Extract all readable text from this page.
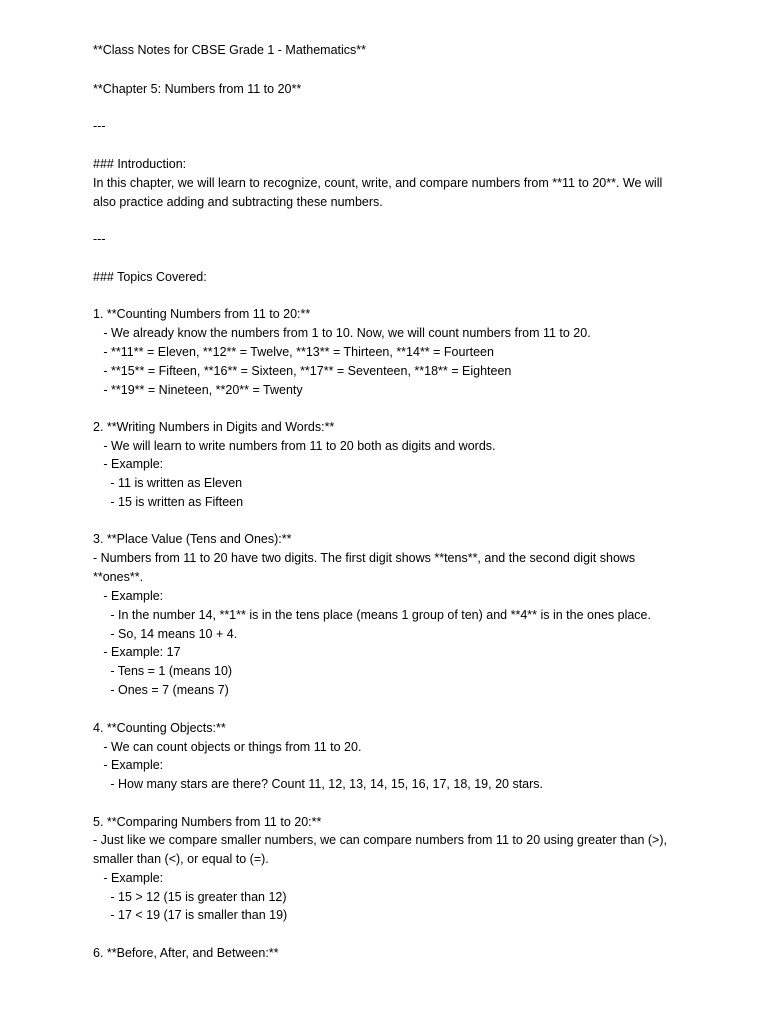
**Class Notes for CBSE Grade 1 - Mathematics**

**Chapter 5: Numbers from 11 to 20**

---

### Introduction:

In this chapter, we will learn to recognize, count, write, and compare numbers from **11 to 20**. We will

also practice adding and subtracting these numbers.

---

### Topics Covered:

1. **Counting Numbers from 11 to 20:**

- We already know the numbers from 1 to 10. Now, we will count numbers from 11 to 20.

- **11** = Eleven, **12** = Twelve, **13** = Thirteen, **14** = Fourteen

- **15** = Fifteen, **16** = Sixteen, **17** = Seventeen, **18** = Eighteen

- **19** = Nineteen, **20** = Twenty

2. **Writing Numbers in Digits and Words:**

- We will learn to write numbers from 11 to 20 both as digits and words.

- Example:

- 11 is written as Eleven

- 15 is written as Fifteen

3. **Place Value (Tens and Ones):**

- Numbers from 11 to 20 have two digits. The first digit shows **tens**, and the second digit shows

**ones**.

- Example:

- In the number 14, **1** is in the tens place (means 1 group of ten) and **4** is in the ones place.

- So, 14 means 10 + 4.

- Example: 17

- Tens = 1 (means 10)

- Ones = 7 (means 7)

4. **Counting Objects:**

- We can count objects or things from 11 to 20.

- Example:

- How many stars are there? Count 11, 12, 13, 14, 15, 16, 17, 18, 19, 20 stars.

5. **Comparing Numbers from 11 to 20:**

- Just like we compare smaller numbers, we can compare numbers from 11 to 20 using greater than (>),

smaller than (<), or equal to (=).

- Example:

- 15 > 12 (15 is greater than 12)

- 17 < 19 (17 is smaller than 19)

6. **Before, After, and Between:**
